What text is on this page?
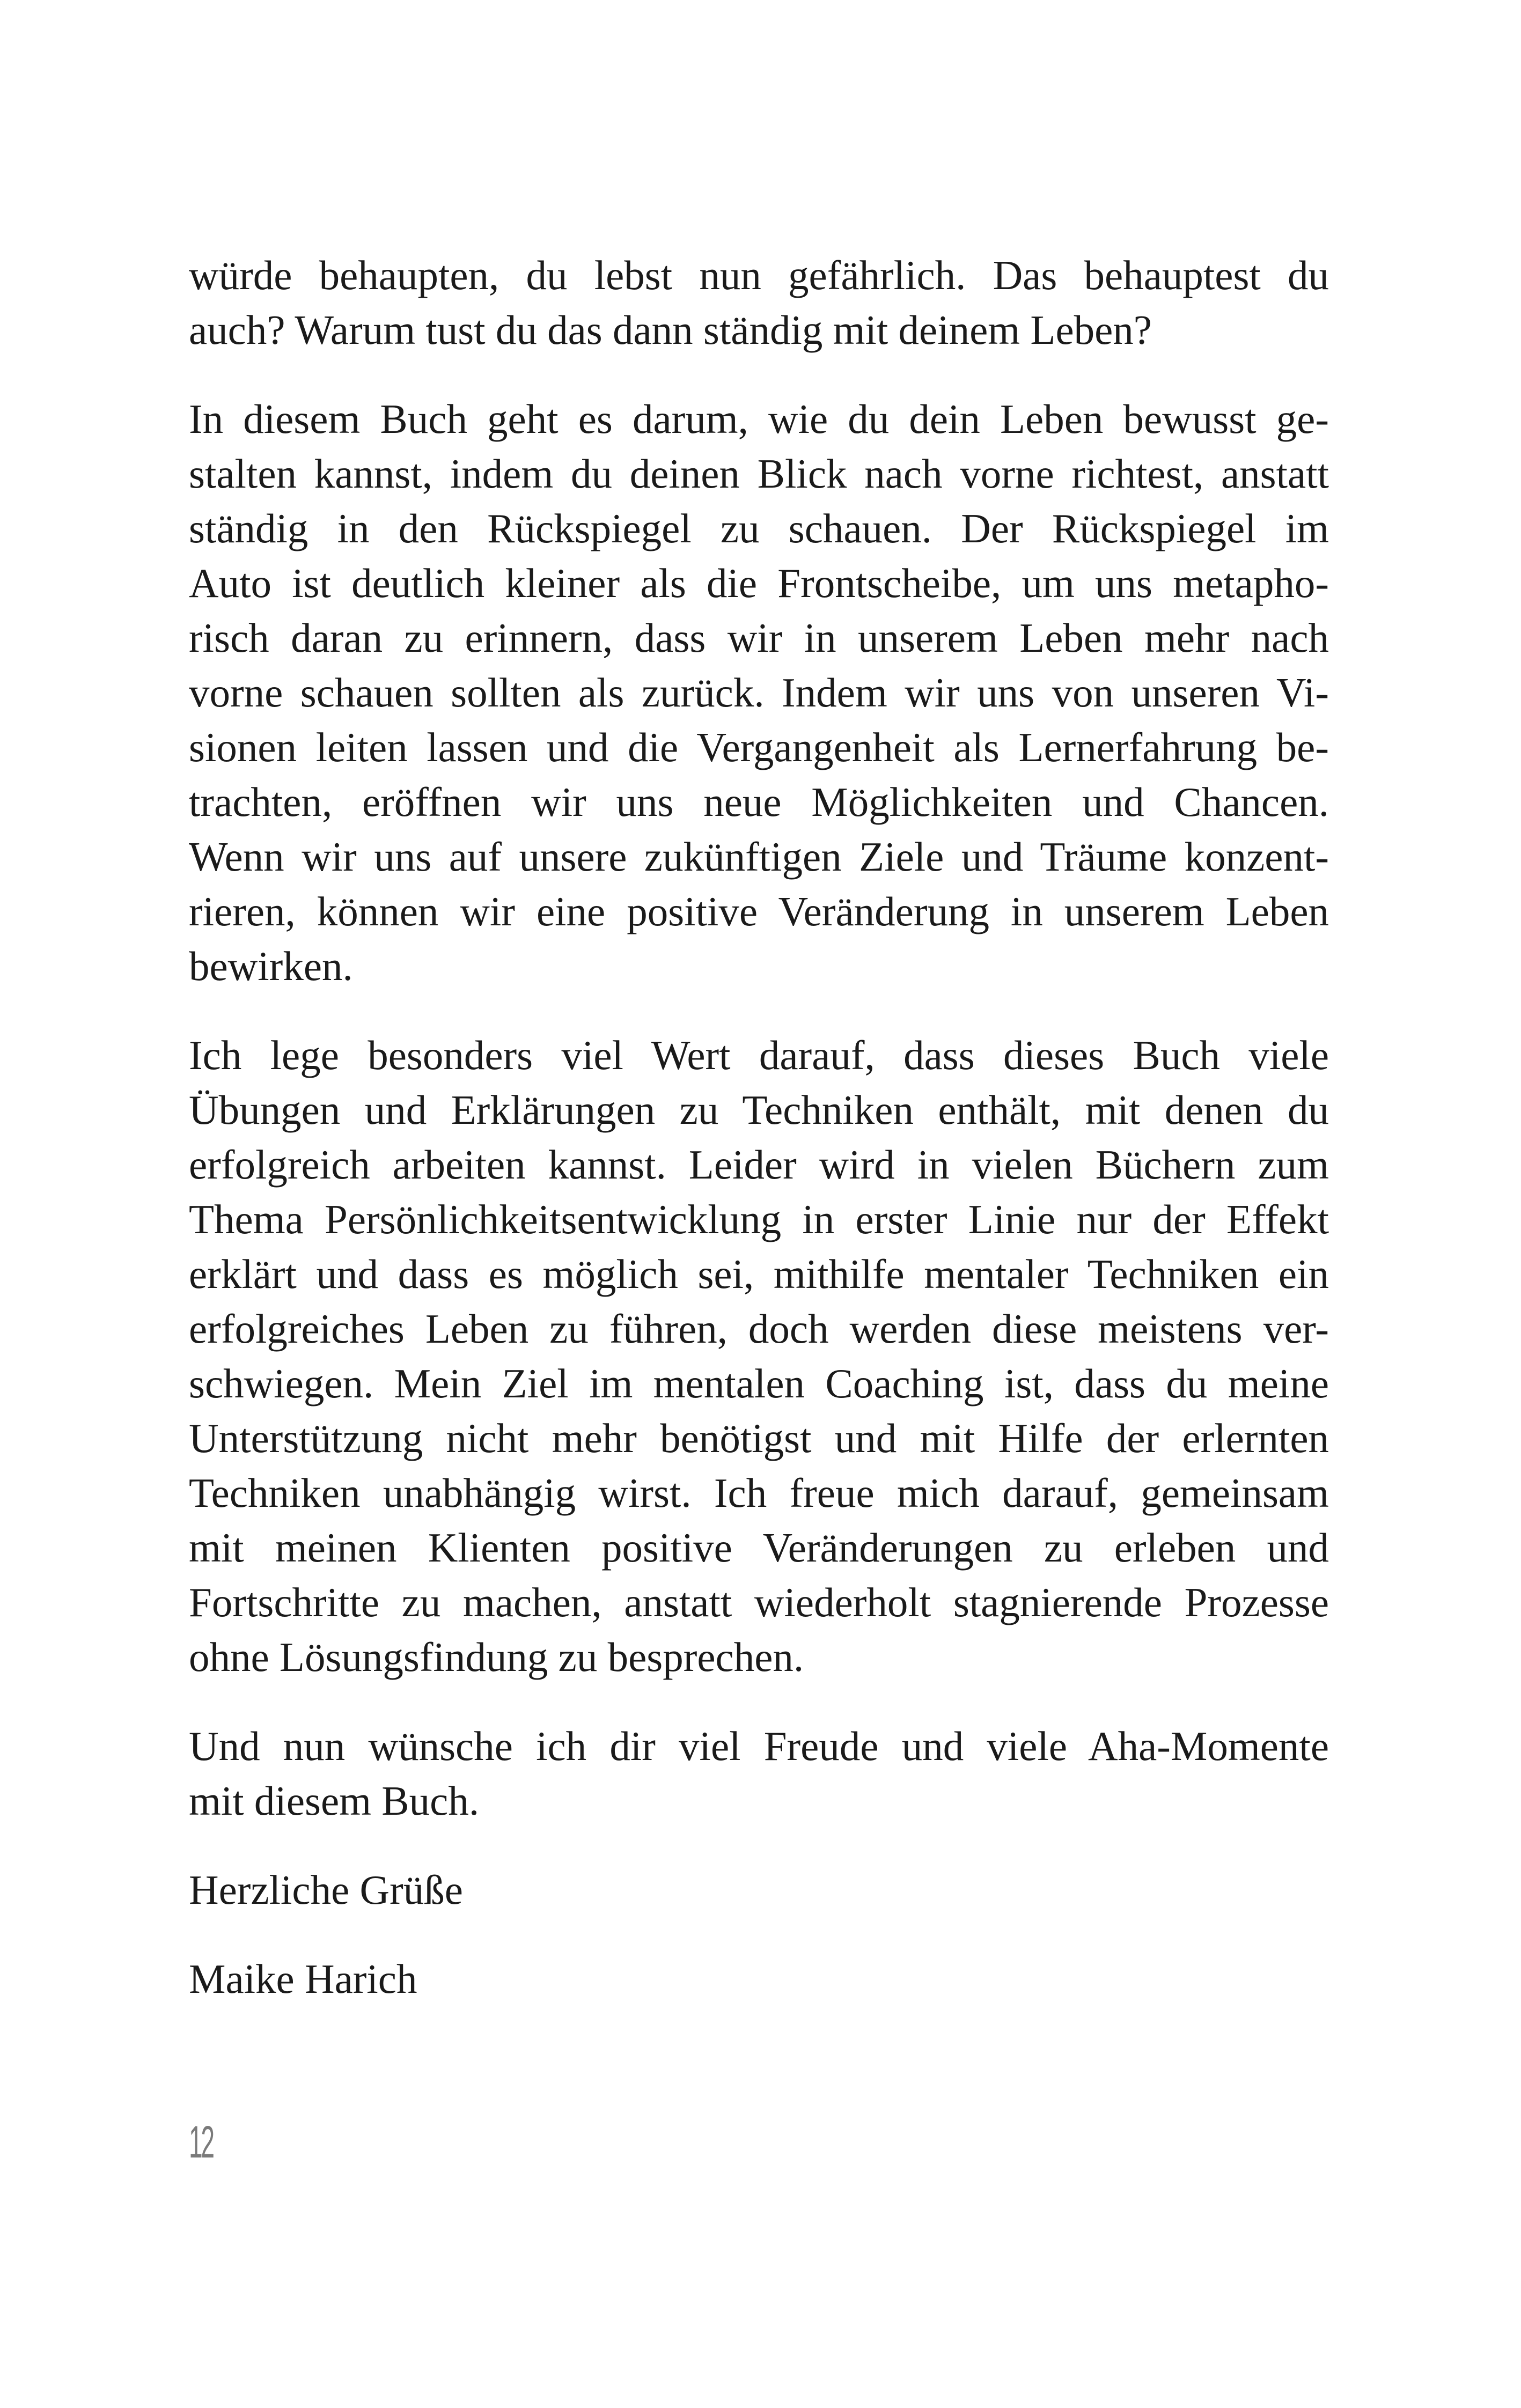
würde behaupten, du lebst nun gefährlich. Das behauptest du
auch? Warum tust du das dann ständig mit deinem Leben?

In diesem Buch geht es darum, wie du dein Leben bewusst ge-
stalten kannst, indem du deinen Blick nach vorne richtest, anstatt
ständig in den Rückspiegel zu schauen. Der Rückspiegel im
Auto ist deutlich kleiner als die Frontscheibe, um uns metapho-
risch daran zu erinnern, dass wir in unserem Leben mehr nach
vorne schauen sollten als zurück. Indem wir uns von unseren Vi-
sionen leiten lassen und die Vergangenheit als Lernerfahrung be-
trachten, eröffnen wir uns neue Möglichkeiten und Chancen.
Wenn wir uns auf unsere zukünftigen Ziele und Träume konzent-
rieren, können wir eine positive Veränderung in unserem Leben
bewirken.

Ich lege besonders viel Wert darauf, dass dieses Buch viele
Übungen und Erklärungen zu Techniken enthält, mit denen du
erfolgreich arbeiten kannst. Leider wird in vielen Büchern zum
Thema Persönlichkeitsentwicklung in erster Linie nur der Effekt
erklärt und dass es möglich sei, mithilfe mentaler Techniken ein
erfolgreiches Leben zu führen, doch werden diese meistens ver-
schwiegen. Mein Ziel im mentalen Coaching ist, dass du meine
Unterstützung nicht mehr benötigst und mit Hilfe der erlernten
Techniken unabhängig wirst. Ich freue mich darauf, gemeinsam
mit meinen Klienten positive Veränderungen zu erleben und
Fortschritte zu machen, anstatt wiederholt stagnierende Prozesse
ohne Lösungsfindung zu besprechen.

Und nun wünsche ich dir viel Freude und viele Aha-Momente
mit diesem Buch.

Herzliche Grüße

Maike Harich

12
